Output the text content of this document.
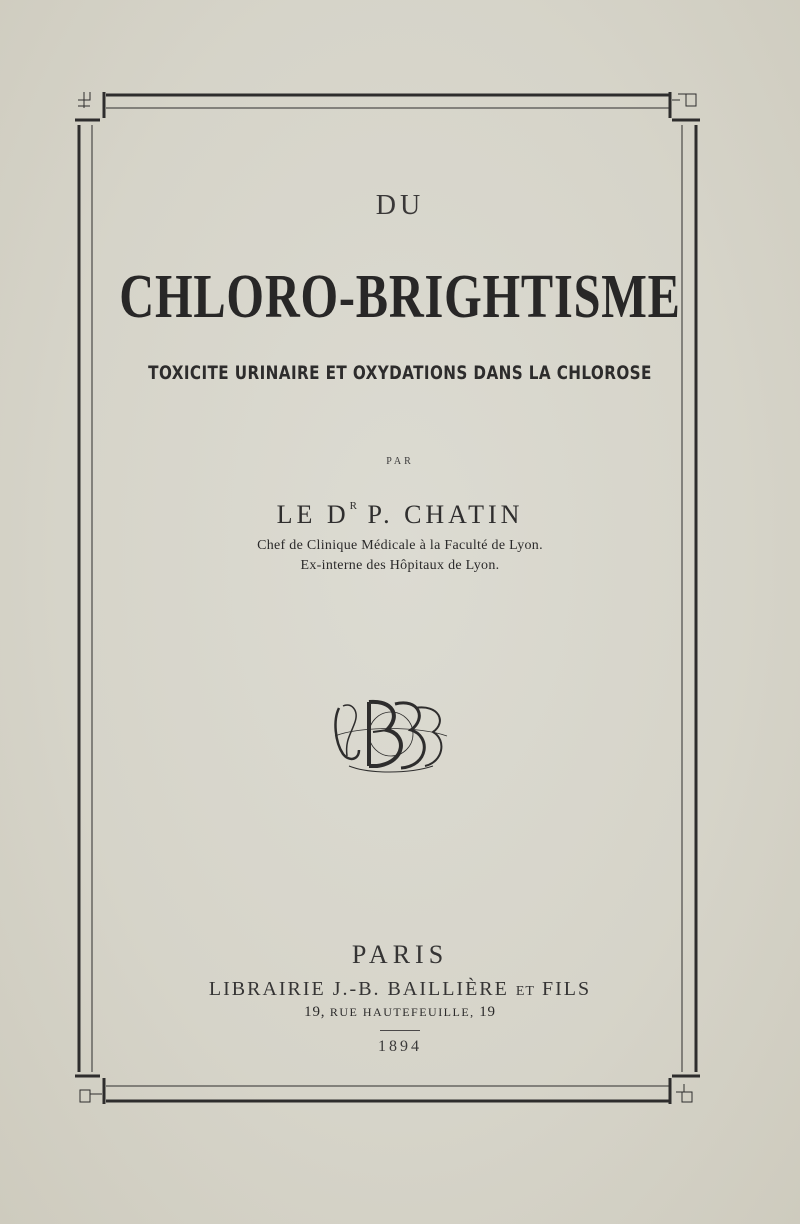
DU
CHLORO-BRIGHTISME
TOXICITE URINAIRE ET OXYDATIONS DANS LA CHLOROSE
PAR
LE $D^R$ P. CHATIN
Chef de Clinique Médicale à la Faculté de Lyon.
Ex-interne des Hôpitaux de Lyon.
PARIS
LIBRAIRIE J.-B. BAILLIÈRE ET FILS
19, RUE HAUTEFEUILLE, 19
1894
